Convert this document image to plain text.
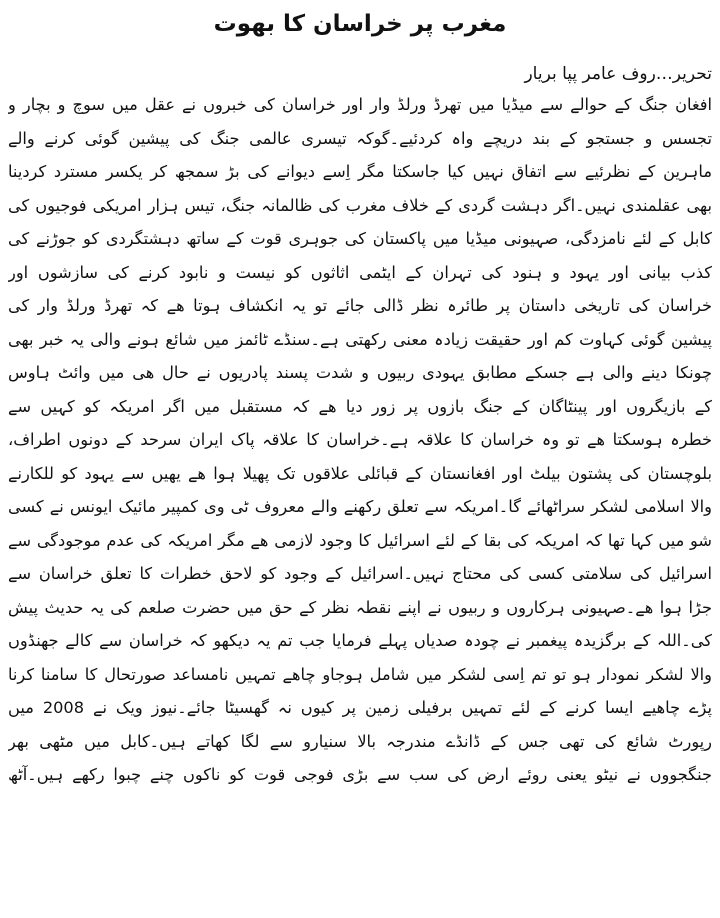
مغرب پر خراسان کا بھوت
تحریر…روف عامر پپا بریار
افغان جنگ کے حوالے سے میڈیا میں تھرڈ ورلڈ وار اور خراسان کی خبروں نے عقل میں سوچ و بچار و
تجسس و جستجو کے بند دریچے واہ کردئیے۔گوکہ تیسری عالمی جنگ کی پیشین گوئی کرنے والے
ماہرین کے نظرئیے سے اتفاق نہیں کیا جاسکتا مگر اِسے دیوانے کی بڑ سمجھ کر یکسر مسترد کردینا
بھی عقلمندی نہیں۔اگر دہشت گردی کے خلاف مغرب کی ظالمانہ جنگ، تیس ہزار امریکی فوجیوں کی
کابل کے لئے نامزدگی، صہیونی میڈیا میں پاکستان کی جوہری قوت کے ساتھ دہشتگردی کو جوڑنے کی
کذب بیانی اور یہود و ہنود کی تہران کے ایٹمی اثاثوں کو نیست و نابود کرنے کی سازشوں اور
خراسان کی تاریخی داستان پر طائرہ نظر ڈالی جائے تو یہ انکشاف ہوتا ھے کہ تھرڈ ورلڈ وار کی
پیشین گوئی کہاوت کم اور حقیقت زیادہ معنی رکھتی ہے۔سنڈے ٹائمز میں شائع ہونے والی یہ خبر بھی
چونکا دینے والی ہے جسکے مطابق یہودی ربیوں و شدت پسند پادریوں نے حال ھی میں وائٹ ہاوس
کے بازیگروں اور پینٹاگان کے جنگ بازوں پر زور دیا ھے کہ مستقبل میں اگر امریکہ کو کہیں سے
خطرہ ہوسکتا ھے تو وہ خراسان کا علاقہ ہے۔خراسان کا علاقہ پاک ایران سرحد کے دونوں اطراف،
بلوچستان کی پشتون بیلٹ اور افغانستان کے قبائلی علاقوں تک پھیلا ہوا ھے یھیں سے یہود کو للکارنے
والا اسلامی لشکر سراٹھائے گا۔امریکہ سے تعلق رکھنے والے معروف ٹی وی کمپیر مائیک ایونس نے کسی
شو میں کہا تھا کہ امریکہ کی بقا کے لئے اسرائیل کا وجود لازمی ھے مگر امریکہ کی عدم موجودگی سے
اسرائیل کی سلامتی کسی کی محتاج نہیں۔اسرائیل کے وجود کو لاحق خطرات کا تعلق خراسان سے
جڑا ہوا ھے۔صہیونی ہرکاروں و ربیوں نے اپنے نقطہ نظر کے حق میں حضرت صلعم کی یہ حدیث پیش
کی۔اللہ کے برگزیدہ پیغمبر نے چودہ صدیاں پہلے فرمایا جب تم یہ دیکھو کہ خراسان سے کالے جھنڈوں
والا لشکر نمودار ہو تو تم اِسی لشکر میں شامل ہوجاو چاھے تمہیں نامساعد صورتحال کا سامنا کرنا
پڑے چاھیے ایسا کرنے کے لئے تمہیں برفیلی زمین پر کیوں نہ گھسیٹا جائے۔نیوز ویک نے 2008 میں
رپورٹ شائع کی تھی جس کے ڈانڈے مندرجہ بالا سنیارو سے لگا کھاتے ہیں۔کابل میں مٹھی بھر
جنگجووں نے نیٹو یعنی روئے ارض کی سب سے بڑی فوجی قوت کو ناکوں چنے چبوا رکھے ہیں۔آٹھ
